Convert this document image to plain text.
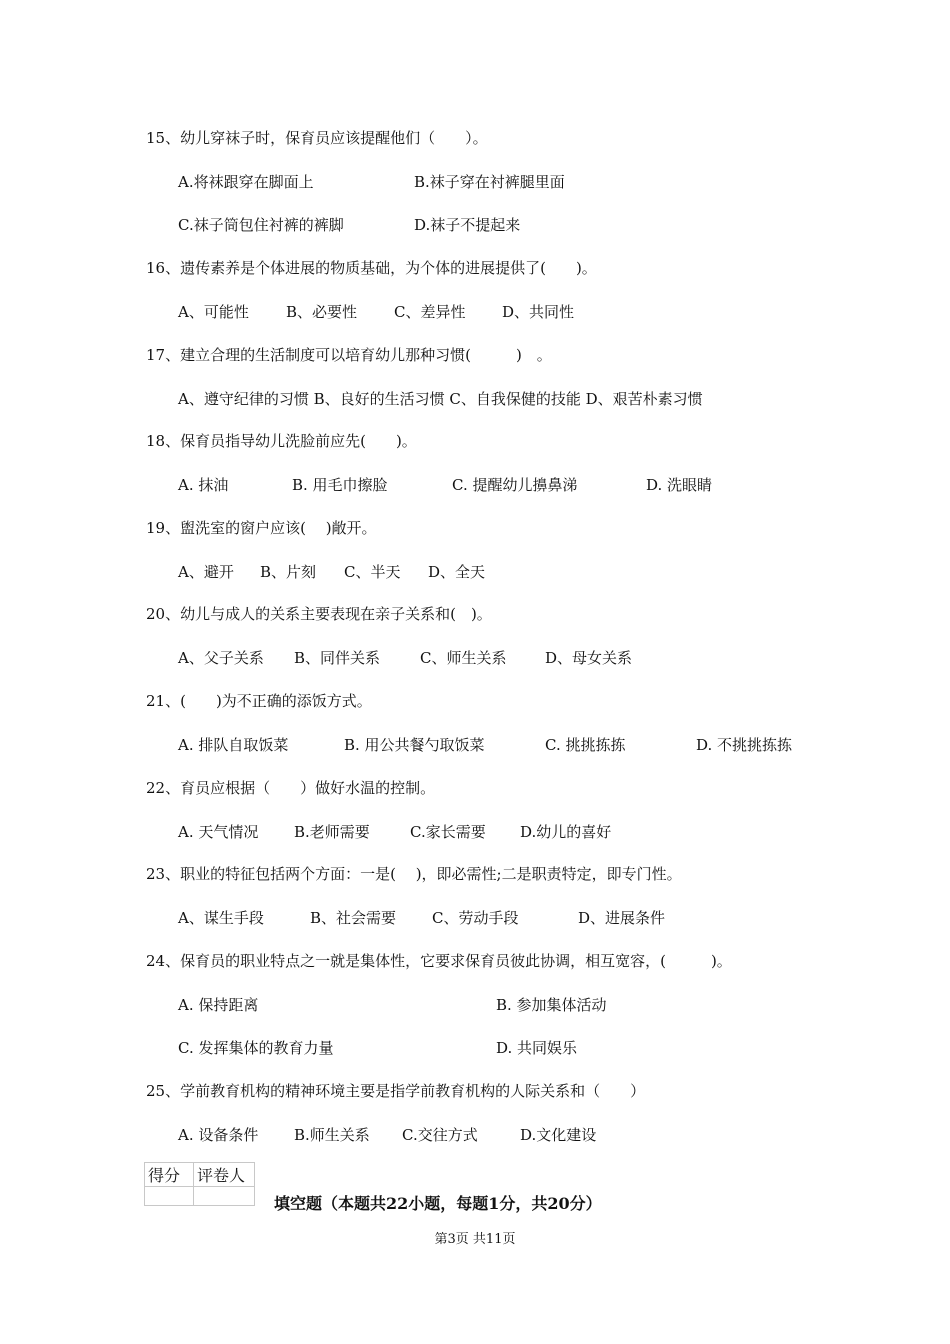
15、幼儿穿袜子时，保育员应该提醒他们（　　）。
A.将袜跟穿在脚面上	B.袜子穿在衬裤腿里面
C.袜子筒包住衬裤的裤脚	D.袜子不提起来
16、遗传素养是个体进展的物质基础，为个体的进展提供了(　　)。
A、可能性 B、必要性 C、差异性 D、共同性
17、建立合理的生活制度可以培育幼儿那种习惯(　　　)　。
A、遵守纪律的习惯 B、良好的生活习惯 C、自我保健的技能 D、艰苦朴素习惯
18、保育员指导幼儿洗脸前应先(　　)。
A. 抹油	B. 用毛巾擦脸	C. 提醒幼儿擤鼻涕	D. 洗眼睛
19、盥洗室的窗户应该(　 )敞开。
A、避开 B、片刻 C、半天 D、全天
20、幼儿与成人的关系主要表现在亲子关系和(　)。
A、父子关系 B、同伴关系	C、师生关系	D、母女关系
21、(　　)为不正确的添饭方式。
A. 排队自取饭菜	B. 用公共餐勺取饭菜	C. 挑挑拣拣	D. 不挑挑拣拣
22、育员应根据（　　）做好水温的控制。
A. 天气情况 B.老师需要	C.家长需要 D.幼儿的喜好
23、职业的特征包括两个方面：一是(　 )，即必需性;二是职责特定，即专门性。
A、谋生手段	B、社会需要 C、劳动手段	D、进展条件
24、保育员的职业特点之一就是集体性，它要求保育员彼此协调，相互宽容，(　　　)。
A. 保持距离	B. 参加集体活动
C. 发挥集体的教育力量	D. 共同娱乐
25、学前教育机构的精神环境主要是指学前教育机构的人际关系和（　　）
A. 设备条件 B.师生关系 C.交往方式	D.文化建设
得分	评卷人

填空题（本题共22小题，每题1分，共20分）
第3页 共11页
